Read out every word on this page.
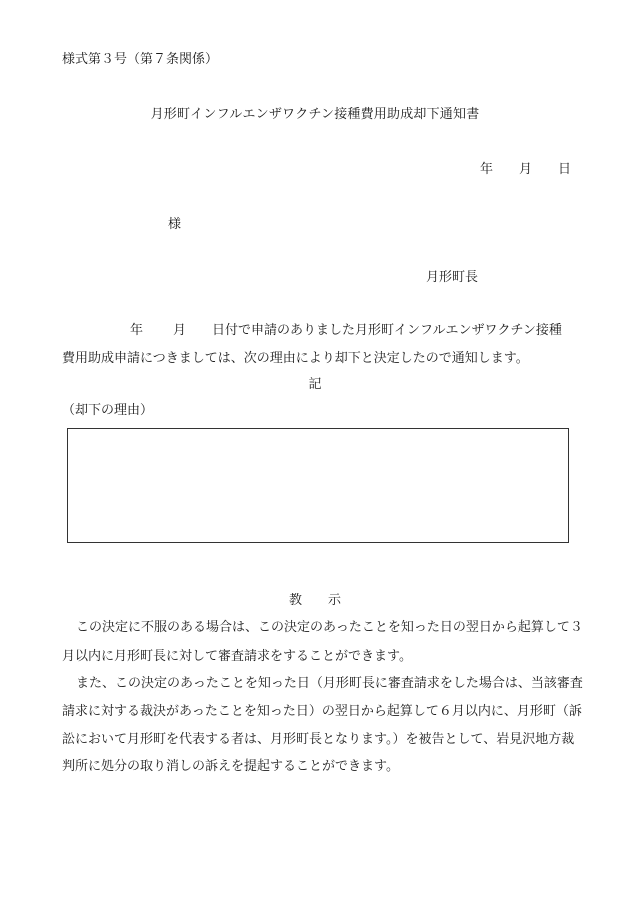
様式第３号（第７条関係）
月形町インフルエンザワクチン接種費用助成却下通知書
年 月 日
様
月形町長
年 月 日付で申請のありました月形町インフルエンザワクチン接種
費用助成申請につきましては、次の理由により却下と決定したので通知します。
記
（却下の理由）
教　　示
この決定に不服のある場合は、この決定のあったことを知った日の翌日から起算して３
月以内に月形町長に対して審査請求をすることができます。
また、この決定のあったことを知った日（月形町長に審査請求をした場合は、当該審査
請求に対する裁決があったことを知った日）の翌日から起算して６月以内に、月形町（訴
訟において月形町を代表する者は、月形町長となります。）を被告として、岩見沢地方裁
判所に処分の取り消しの訴えを提起することができます。
